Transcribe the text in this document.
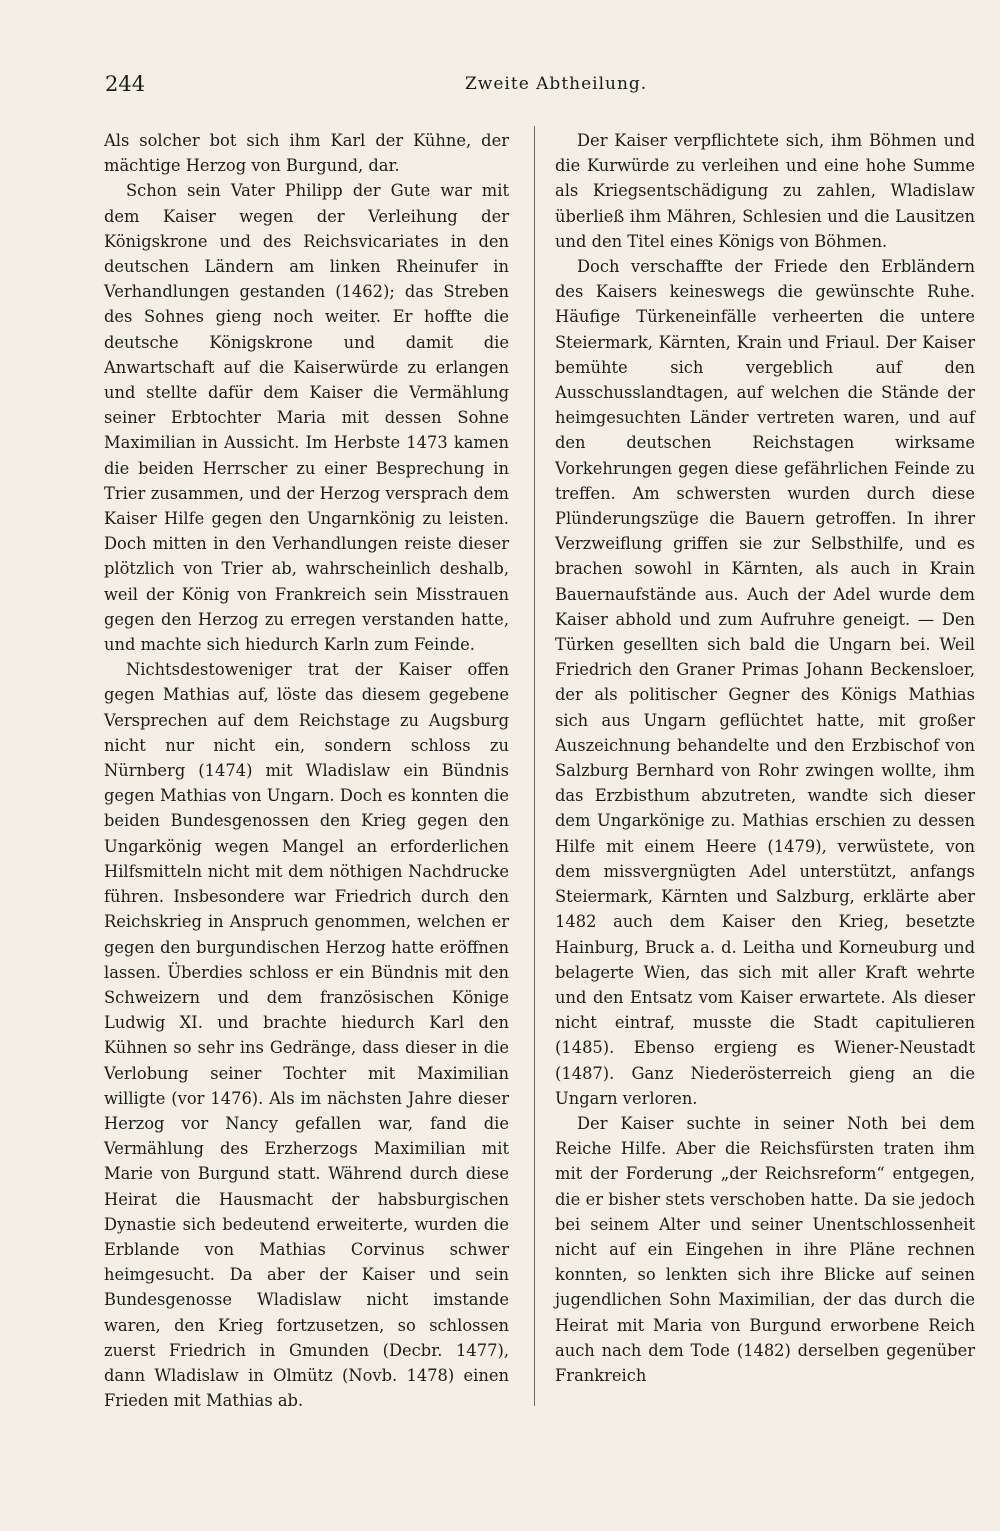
244	Zweite Abtheilung.

Als solcher bot sich ihm Karl der Kühne, der mächtige Herzog von Burgund, dar.

Schon sein Vater Philipp der Gute war mit dem Kaiser wegen der Verleihung der Königskrone und des Reichsvicariates in den deutschen Ländern am linken Rheinufer in Verhandlungen gestanden (1462); das Streben des Sohnes gieng noch weiter. Er hoffte die deutsche Königskrone und damit die Anwartschaft auf die Kaiserwürde zu erlangen und stellte dafür dem Kaiser die Vermählung seiner Erbtochter Maria mit dessen Sohne Maximilian in Aussicht. Im Herbste 1473 kamen die beiden Herrscher zu einer Besprechung in Trier zusammen, und der Herzog versprach dem Kaiser Hilfe gegen den Ungarnkönig zu leisten. Doch mitten in den Verhandlungen reiste dieser plötzlich von Trier ab, wahrscheinlich deshalb, weil der König von Frankreich sein Misstrauen gegen den Herzog zu erregen verstanden hatte, und machte sich hiedurch Karln zum Feinde.

Nichtsdestoweniger trat der Kaiser offen gegen Mathias auf, löste das diesem gegebene Versprechen auf dem Reichstage zu Augsburg nicht nur nicht ein, sondern schloss zu Nürnberg (1474) mit Wladislaw ein Bündnis gegen Mathias von Ungarn. Doch es konnten die beiden Bundesgenossen den Krieg gegen den Ungarkönig wegen Mangel an erforderlichen Hilfsmitteln nicht mit dem nöthigen Nachdrucke führen. Insbesondere war Friedrich durch den Reichskrieg in Anspruch genommen, welchen er gegen den burgundischen Herzog hatte eröffnen lassen. Überdies schloss er ein Bündnis mit den Schweizern und dem französischen Könige Ludwig XI. und brachte hiedurch Karl den Kühnen so sehr ins Gedränge, dass dieser in die Verlobung seiner Tochter mit Maximilian willigte (vor 1476). Als im nächsten Jahre dieser Herzog vor Nancy gefallen war, fand die Vermählung des Erzherzogs Maximilian mit Marie von Burgund statt. Während durch diese Heirat die Hausmacht der habsburgischen Dynastie sich bedeutend erweiterte, wurden die Erblande von Mathias Corvinus schwer heimgesucht. Da aber der Kaiser und sein Bundesgenosse Wladislaw nicht imstande waren, den Krieg fortzusetzen, so schlossen zuerst Friedrich in Gmunden (Decbr. 1477), dann Wladislaw in Olmütz (Novb. 1478) einen Frieden mit Mathias ab.

Der Kaiser verpflichtete sich, ihm Böhmen und die Kurwürde zu verleihen und eine hohe Summe als Kriegsentschädigung zu zahlen, Wladislaw überließ ihm Mähren, Schlesien und die Lausitzen und den Titel eines Königs von Böhmen.

Doch verschaffte der Friede den Erbländern des Kaisers keineswegs die gewünschte Ruhe. Häufige Türkeneinfälle verheerten die untere Steiermark, Kärnten, Krain und Friaul. Der Kaiser bemühte sich vergeblich auf den Ausschusslandtagen, auf welchen die Stände der heimgesuchten Länder vertreten waren, und auf den deutschen Reichstagen wirksame Vorkehrungen gegen diese gefährlichen Feinde zu treffen. Am schwersten wurden durch diese Plünderungszüge die Bauern getroffen. In ihrer Verzweiflung griffen sie zur Selbsthilfe, und es brachen sowohl in Kärnten, als auch in Krain Bauernaufstände aus. Auch der Adel wurde dem Kaiser abhold und zum Aufruhre geneigt. — Den Türken gesellten sich bald die Ungarn bei. Weil Friedrich den Graner Primas Johann Beckensloer, der als politischer Gegner des Königs Mathias sich aus Ungarn geflüchtet hatte, mit großer Auszeichnung behandelte und den Erzbischof von Salzburg Bernhard von Rohr zwingen wollte, ihm das Erzbisthum abzutreten, wandte sich dieser dem Ungarkönige zu. Mathias erschien zu dessen Hilfe mit einem Heere (1479), verwüstete, von dem missvergnügten Adel unterstützt, anfangs Steiermark, Kärnten und Salzburg, erklärte aber 1482 auch dem Kaiser den Krieg, besetzte Hainburg, Bruck a. d. Leitha und Korneuburg und belagerte Wien, das sich mit aller Kraft wehrte und den Entsatz vom Kaiser erwartete. Als dieser nicht eintraf, musste die Stadt capitulieren (1485). Ebenso ergieng es Wiener-Neustadt (1487). Ganz Niederösterreich gieng an die Ungarn verloren.

Der Kaiser suchte in seiner Noth bei dem Reiche Hilfe. Aber die Reichsfürsten traten ihm mit der Forderung „der Reichsreform“ entgegen, die er bisher stets verschoben hatte. Da sie jedoch bei seinem Alter und seiner Unentschlossenheit nicht auf ein Eingehen in ihre Pläne rechnen konnten, so lenkten sich ihre Blicke auf seinen jugendlichen Sohn Maximilian, der das durch die Heirat mit Maria von Burgund erworbene Reich auch nach dem Tode (1482) derselben gegenüber Frankreich
